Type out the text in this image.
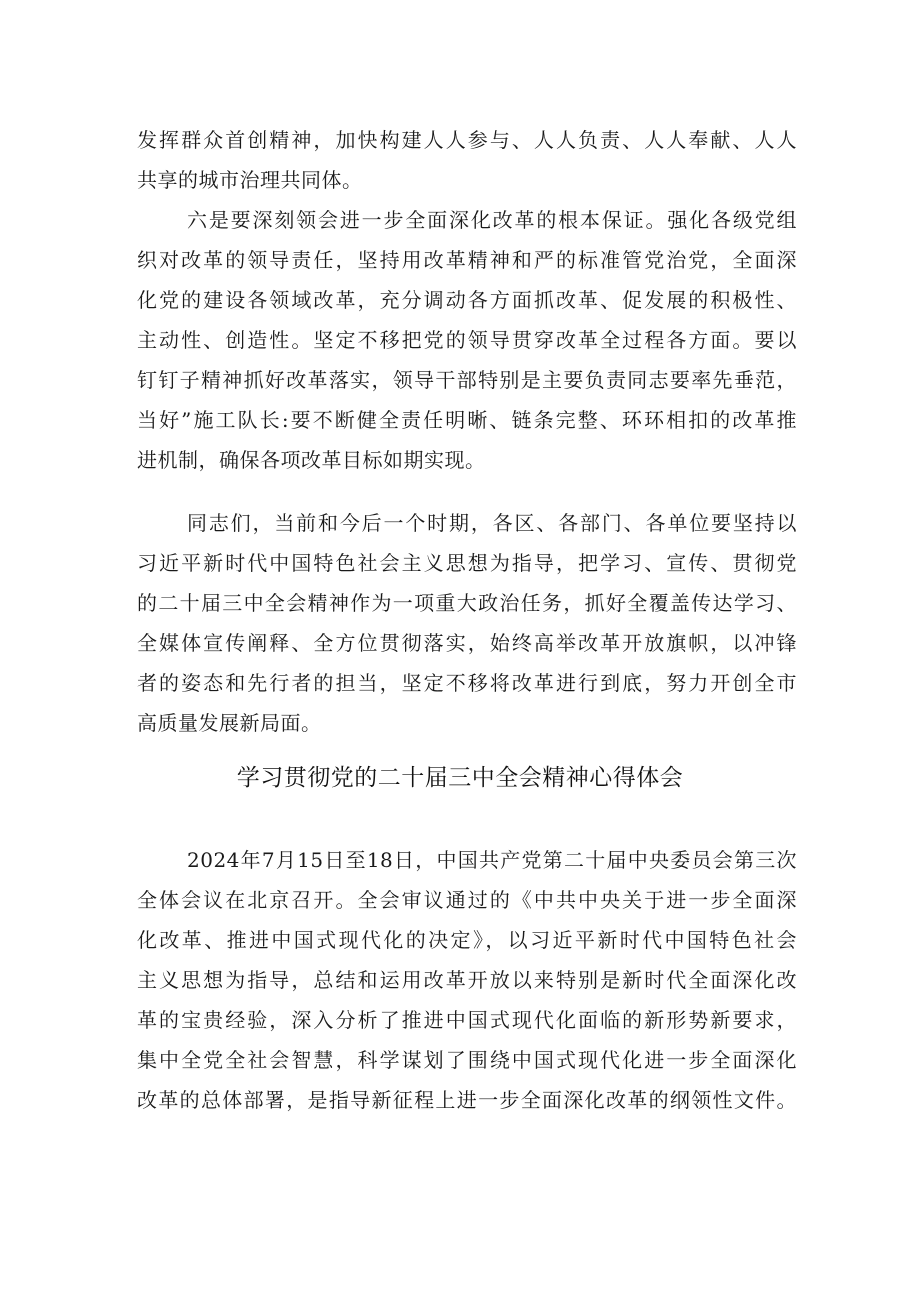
发挥群众首创精神，加快构建人人参与、人人负责、人人奉献、人人
共享的城市治理共同体。
六是要深刻领会进一步全面深化改革的根本保证。强化各级党组
织对改革的领导责任，坚持用改革精神和严的标准管党治党，全面深
化党的建设各领域改革，充分调动各方面抓改革、促发展的积极性、
主动性、创造性。坚定不移把党的领导贯穿改革全过程各方面。要以
钉钉子精神抓好改革落实，领导干部特别是主要负责同志要率先垂范，
当好”施工队长:要不断健全责任明晰、链条完整、环环相扣的改革推
进机制，确保各项改革目标如期实现。
同志们，当前和今后一个时期，各区、各部门、各单位要坚持以
习近平新时代中国特色社会主义思想为指导，把学习、宣传、贯彻党
的二十届三中全会精神作为一项重大政治任务，抓好全覆盖传达学习、
全媒体宣传阐释、全方位贯彻落实，始终高举改革开放旗帜，以冲锋
者的姿态和先行者的担当，坚定不移将改革进行到底，努力开创全市
高质量发展新局面。
学习贯彻党的二十届三中全会精神心得体会
2024年7月15日至18日，中国共产党第二十届中央委员会第三次
全体会议在北京召开。全会审议通过的《中共中央关于进一步全面深
化改革、推进中国式现代化的决定》，以习近平新时代中国特色社会
主义思想为指导，总结和运用改革开放以来特别是新时代全面深化改
革的宝贵经验，深入分析了推进中国式现代化面临的新形势新要求，
集中全党全社会智慧，科学谋划了围绕中国式现代化进一步全面深化
改革的总体部署，是指导新征程上进一步全面深化改革的纲领性文件。
